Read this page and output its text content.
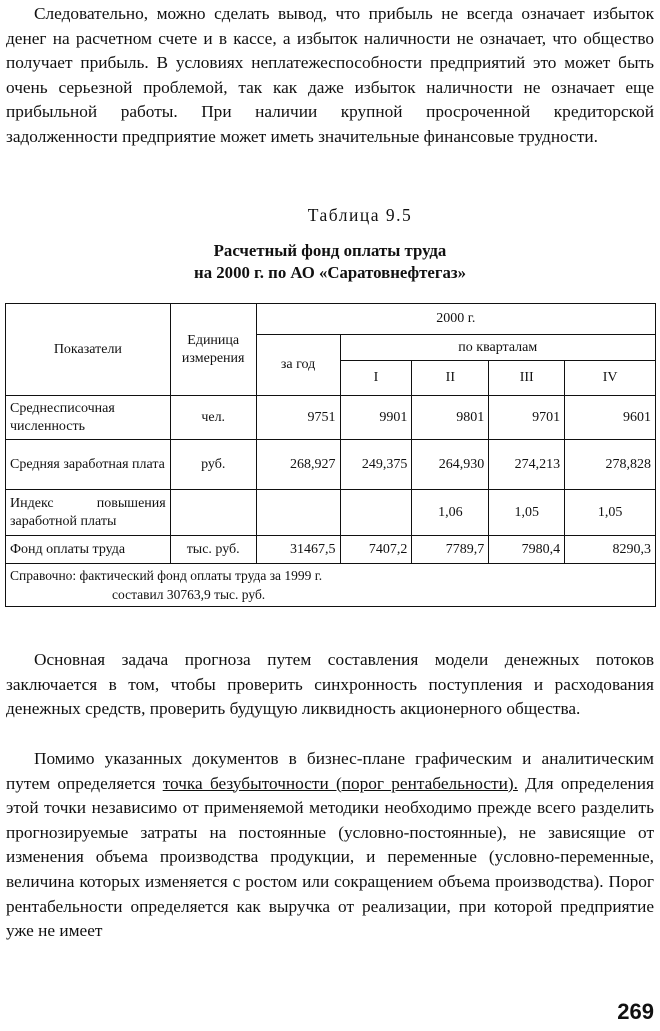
Следовательно, можно сделать вывод, что прибыль не всегда означает избыток денег на расчетном счете и в кассе, а избыток наличности не означает, что общество получает прибыль. В условиях неплатежеспособности предприятий это может быть очень серьезной проблемой, так как даже избыток наличности не означает еще прибыльной работы. При наличии крупной просроченной кредиторской задолженности предприятие может иметь значительные финансовые трудности.

Таблица 9.5
Расчетный фонд оплаты труда
на 2000 г. по АО «Саратовнефтегаз»
Показатели	Единица измерения	2000 г.				
		за год	по кварталам			
			I	II	III	IV
Среднесписочная численность	чел.	9751	9901	9801	9701	9601
Средняя заработная плата	руб.	268,927	249,375	264,930	274,213	278,828
Индекс повышения заработной платы				1,06	1,05	1,05
Фонд оплаты труда	тыс. руб.	31467,5	7407,2	7789,7	7980,4	8290,3
Справочно: фактический фонд оплаты труда за 1999 г.
составил 30763,9 тыс. руб.						

Основная задача прогноза путем составления модели денежных потоков заключается в том, чтобы проверить синхронность поступления и расходования денежных средств, проверить будущую ликвидность акционерного общества.

Помимо указанных документов в бизнес-плане графическим и аналитическим путем определяется точка безубыточности (порог рентабельности). Для определения этой точки независимо от применяемой методики необходимо прежде всего разделить прогнозируемые затраты на постоянные (условно-постоянные), не зависящие от изменения объема производства продукции, и переменные (условно-переменные, величина которых изменяется с ростом или сокращением объема производства). Порог рентабельности определяется как выручка от реализации, при которой предприятие уже не имеет

269
